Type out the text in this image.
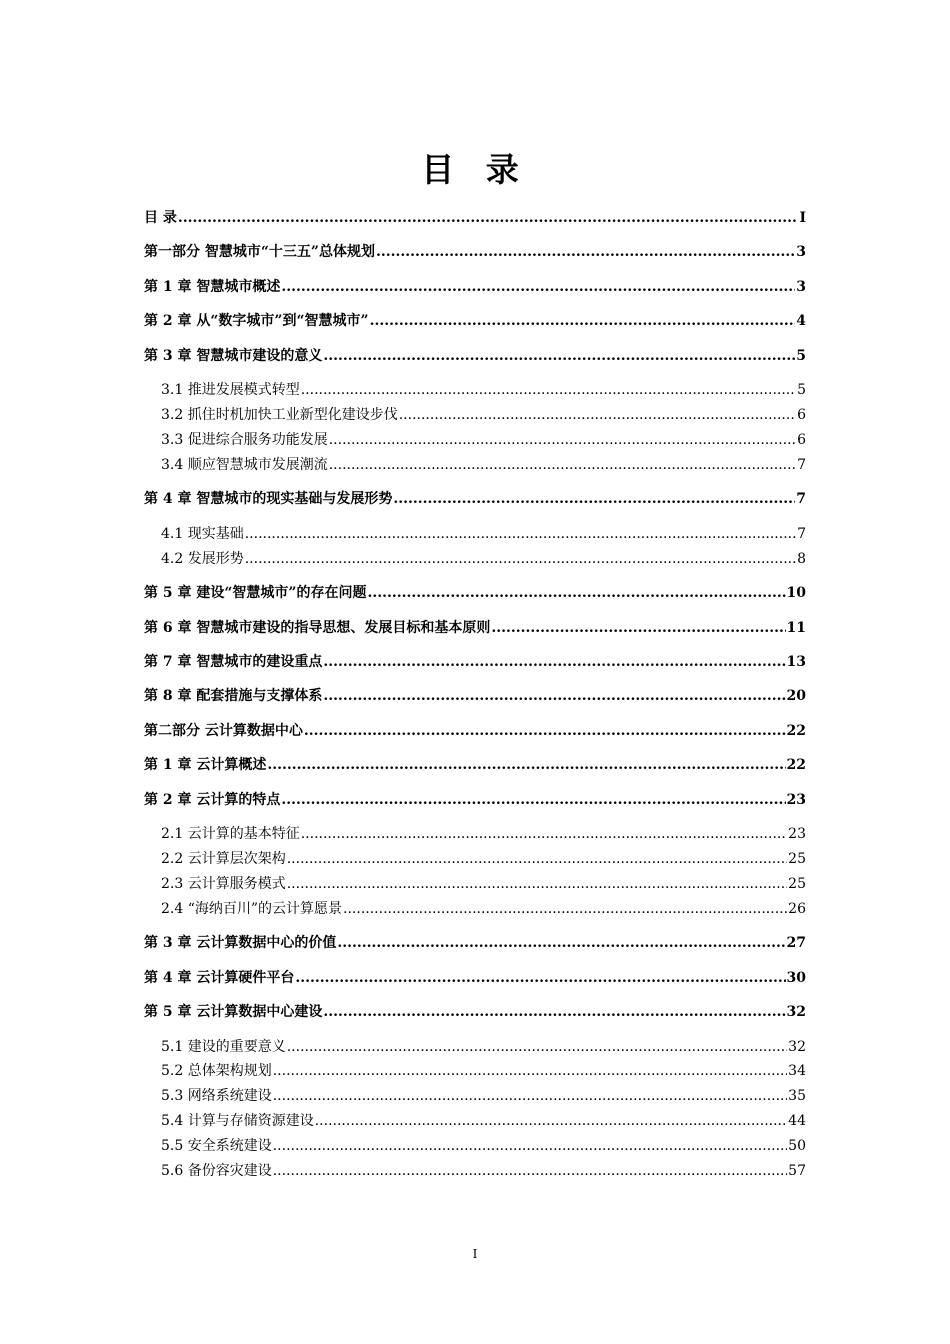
目 录
目 录 .....	I
第一部分 智慧城市“十三五”总体规划 .....	3
第 1 章 智慧城市概述 .....	3
第 2 章 从“数字城市”到“智慧城市” .....	4
第 3 章 智慧城市建设的意义 .....	5
3.1 推进发展模式转型 .....	5
3.2 抓住时机加快工业新型化建设步伐 .....	6
3.3 促进综合服务功能发展 .....	6
3.4 顺应智慧城市发展潮流 .....	7
第 4 章 智慧城市的现实基础与发展形势 .....	7
4.1 现实基础 .....	7
4.2 发展形势 .....	8
第 5 章 建设“智慧城市”的存在问题 .....	10
第 6 章 智慧城市建设的指导思想、发展目标和基本原则 .....	11
第 7 章 智慧城市的建设重点 .....	13
第 8 章 配套措施与支撑体系 .....	20
第二部分 云计算数据中心 .....	22
第 1 章 云计算概述 .....	22
第 2 章 云计算的特点 .....	23
2.1 云计算的基本特征 .....	23
2.2 云计算层次架构 .....	25
2.3 云计算服务模式 .....	25
2.4 “海纳百川”的云计算愿景 .....	26
第 3 章 云计算数据中心的价值 .....	27
第 4 章 云计算硬件平台 .....	30
第 5 章 云计算数据中心建设 .....	32
5.1 建设的重要意义 .....	32
5.2 总体架构规划 .....	34
5.3 网络系统建设 .....	35
5.4 计算与存储资源建设 .....	44
5.5 安全系统建设 .....	50
5.6 备份容灾建设 .....	57
I
